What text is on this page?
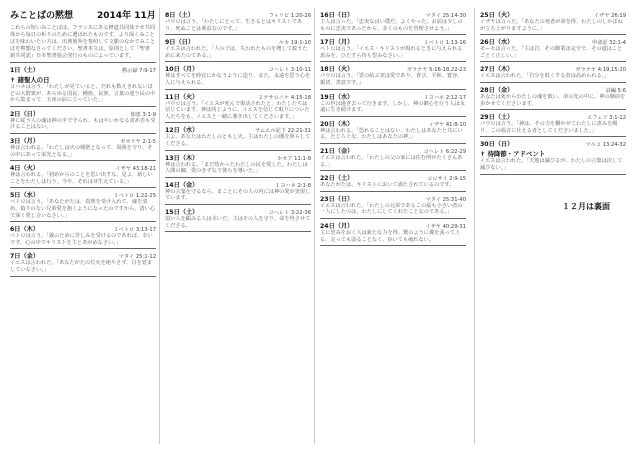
みことばの黙想	2014年 11月
これらの短いみことばは、フランスにある修道共同体テゼ共同体から毎日の祈りのために選ばれたものです。より深くみことばを味わいたい方は、出典箇所を参照して文脈のなかでみことばを黙想なさってください。聖書本文は、原則として『聖書 新共同訳』日本聖書協会発行のものによっています。
1日（土）	黙示録 7:9-17
✝ 諸聖人の日
ヨハネは言う。「わたしが見ていると、だれも数えきれないほどの大群衆が、あらゆる国民、種族、民族、言葉の違う民の中から集まって、玉座の前に立っていた。」
2日（日）	知恵 3:1-9
神に従う人の魂は神の手で守られ、もはやいかなる責め苦も受けることはない。
3日（月）	ゼカリヤ 2:1-5
神は言われる。「わたしは火の城壁となって、周囲を守り、その中にあって栄光となる。」
4日（火）	イザヤ 43:18-21
神は言われる。「初めからのことを思い出すな。見よ、新しいことをわたしは行う。今や、それは芽生えている。」
5日（水）	１ペトロ 1:22-25
ペトロは言う。「あなたがたは、真理を受け入れて、魂を清め、偽りのない兄弟愛を抱くようになったのですから、清い心で深く愛し合いなさい。」
6日（木）	１ペトロ 3:13-17
ペトロは言う。「義のために苦しみを受けるのであれば、幸いです。心の中でキリストを主とあがめなさい。」
7日（金）	マタイ 25:1-12
イエスは言われた。「あなたがたの灯火を絶やさず、目を覚ましていなさい。」
8日（土）	フィリピ 1:20-26
パウロは言う。「わたしにとって、生きるとはキリストであり、死ぬことは利益なのです。」
9日（日）	ルカ 19:1-10
イエスは言われた。「人の子は、失われたものを捜して救うために来たのである。」
10日（月）	コヘレト 3:10-11
神はすべてを時宜にかなうように造り、また、永遠を思う心を人に与えられる。
11日（火）	２テサロニケ 4:15-18
パウロは言う。「イエスが死んで復活されたと、わたしたちは信じています。神は同じように、イエスを信じて眠りについた人たちをも、イエスと一緒に導き出してくださいます。」
12日（水）	サムエル記下 22:21-31
主よ、あなたはわたしのともし火。主はわたしの闇を照らしてくださる。
13日（木）	ホセア 11:1-9
神は言われる。「まだ幼かったわたしの民を愛した。わたしは人間の綱、愛のきずなで彼らを導いた。」
14日（金）	１ヨハネ 2:1-8
神の言葉を守るなら、まことにその人の内には神の愛が実現しています。
15日（土）	コヘレト 3:22-36
弱い人を顧みる人は幸いだ。主はその人を守り、命を得させてくださる。
16日（日）	マタイ 25:14-30
主人は言った。「忠実な良い僕だ。よくやった。お前は少しのものに忠実であったから、多くのものを管理させよう。」
17日（月）	１ペトロ 1:13-16
ペトロは言う。「イエス・キリストが現れるときに与えられる恵みを、ひたすら待ち望みなさい。」
18日（火）	ガラテヤ 5:16-18,22-23
パウロは言う。「霊の結ぶ実は愛であり、喜び、平和、寛容、親切、善意です。」
19日（水）	１ヨハネ 2:12-17
この世は過ぎ去って行きます。しかし、神の御心を行う人は永遠に生き続けます。
20日（木）	イザヤ 41:8-10
神は言われる。「恐れることはない、わたしはあなたと共にいる。たじろぐな、わたしはあなたの神。」
21日（金）	コヘレト 6:22-29
イエスは言われた。「わたしの父の家には住む所がたくさんある。」
22日（土）	コロサイ 2:9-15
あなたがたは、キリストにおいて満たされているのです。
23日（日）	マタイ 25:31-40
イエスは言われた。「わたしの兄弟であるこの最も小さい者の一人にしたのは、わたしにしてくれたことなのである。」
24日（月）	イザヤ 40:29-31
主に望みをおく人は新たな力を得、鷲のように翼を張って上る。走っても弱ることなく、歩いても疲れない。
25日（火）	イザヤ 26:19
イザヤは言った。「あなたの死者が命を得、わたしのしかばねが立ち上がりますように。」
26日（水）	申命記 32:1-4
モーセは言った。「主は岩、その御業は完全で、その道はことごとく正しい。」
27日（木）	ガラテヤ 4:19,15:20
イエスは言われた。「自分を低くする者は高められる。」
28日（金）	詩編 5:6
あなたは死からわたしの魂を救い、命の光の中に、神の御前を歩かせてくださいます。
29日（土）	エフェソ 3:1-12
パウロは言う。「神は、その力を働かせてわたしに恵みを賜り、この福音に仕える者としてくださいました。」
30日（日）	マルコ 13:24-32
✝ 待降節・アドベント
イエスは言われた。「天地は滅びるが、わたしの言葉は決して滅びない。」
１２月は裏面
